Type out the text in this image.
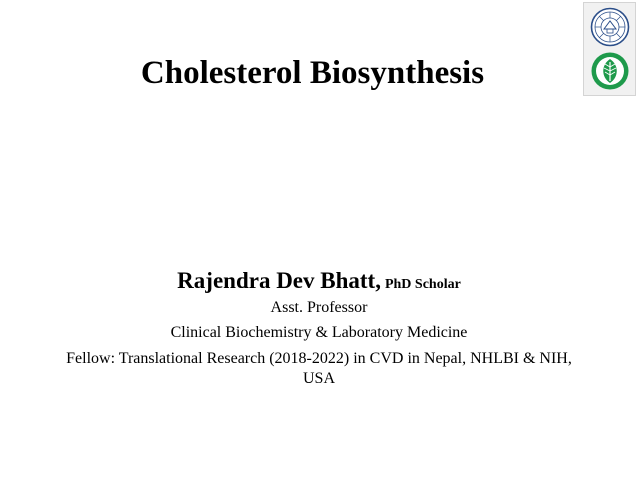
Cholesterol Biosynthesis
Rajendra Dev Bhatt, PhD Scholar
Asst. Professor
Clinical Biochemistry & Laboratory Medicine
Fellow: Translational Research (2018-2022) in CVD in Nepal, NHLBI & NIH,
USA
